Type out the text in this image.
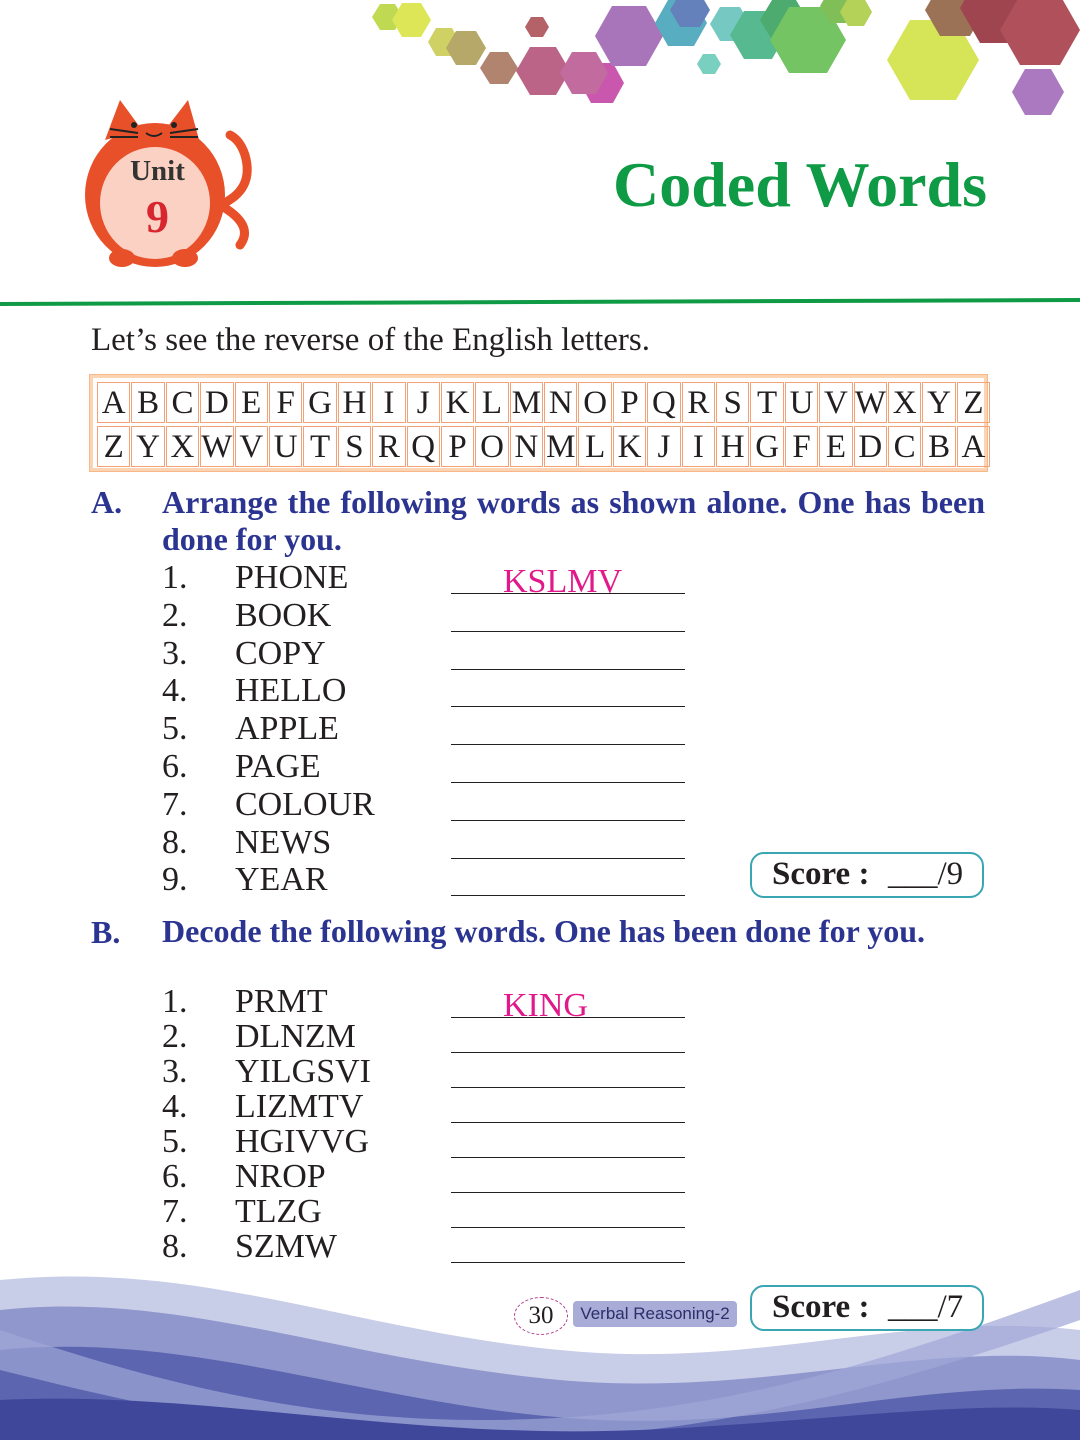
Unit
9	Coded Words
Let’s see the reverse of the English letters.
A B C D E F G H I J K L M N O P Q R S T U V W X Y Z
Z Y X W V U T S R Q P O N M L K J I H G F E D C B A
A. Arrange the following words as shown alone. One has been done for you.
1. PHONE	KSLMV
2. BOOK
3. COPY
4. HELLO
5. APPLE
6. PAGE
7. COLOUR
8. NEWS
9. YEAR	Score : ___/9
B. Decode the following words. One has been done for you.
1. PRMT	KING
2. DLNZM
3. YILGSVI
4. LIZMTV
5. HGIVVG
6. NROP
7. TLZG
8. SZMW
30	Verbal Reasoning-2 Score : ___/7
